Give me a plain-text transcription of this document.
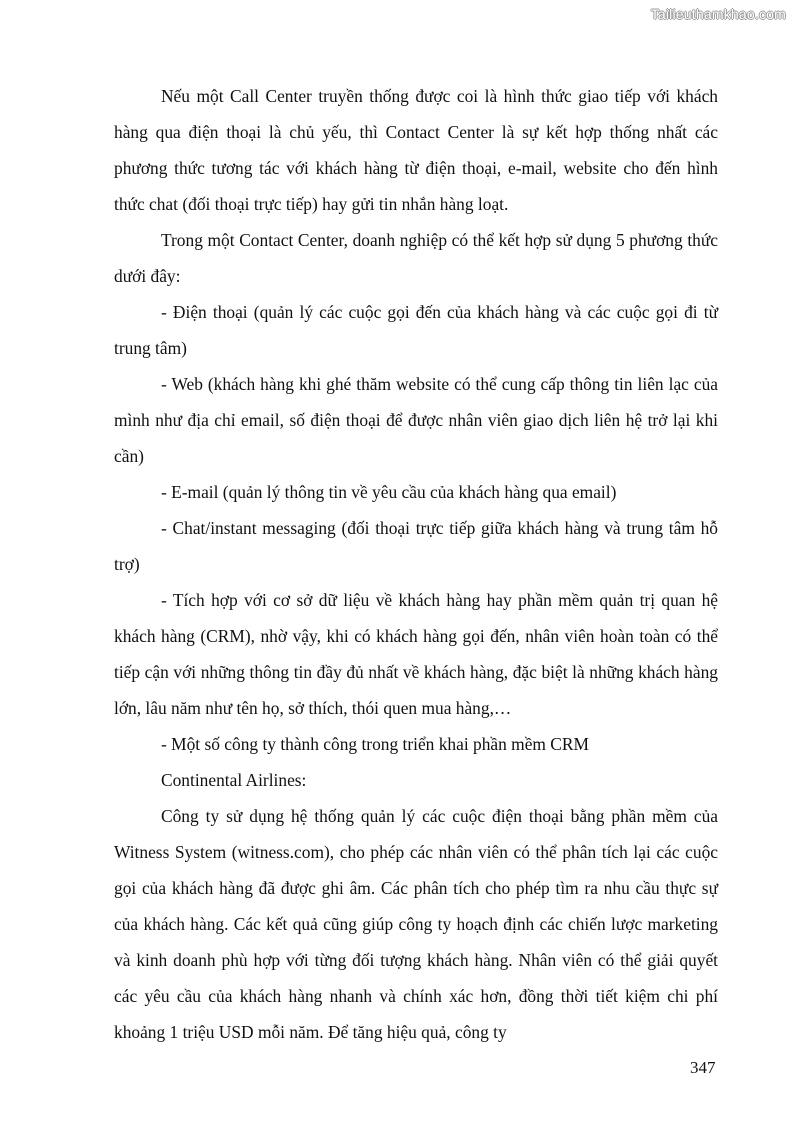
Tailieuthamkhao.com

Nếu một Call Center truyền thống được coi là hình thức giao tiếp với khách hàng qua điện thoại là chủ yếu, thì Contact Center là sự kết hợp thống nhất các phương thức tương tác với khách hàng từ điện thoại, e-mail, website cho đến hình thức chat (đối thoại trực tiếp) hay gửi tin nhắn hàng loạt.

Trong một Contact Center, doanh nghiệp có thể kết hợp sử dụng 5 phương thức dưới đây:

- Điện thoại (quản lý các cuộc gọi đến của khách hàng và các cuộc gọi đi từ trung tâm)

- Web (khách hàng khi ghé thăm website có thể cung cấp thông tin liên lạc của mình như địa chỉ email, số điện thoại để được nhân viên giao dịch liên hệ trở lại khi cần)

- E-mail (quản lý thông tin về yêu cầu của khách hàng qua email)

- Chat/instant messaging (đối thoại trực tiếp giữa khách hàng và trung tâm hỗ trợ)

- Tích hợp với cơ sở dữ liệu về khách hàng hay phần mềm quản trị quan hệ khách hàng (CRM), nhờ vậy, khi có khách hàng gọi đến, nhân viên hoàn toàn có thể tiếp cận với những thông tin đầy đủ nhất về khách hàng, đặc biệt là những khách hàng lớn, lâu năm như tên họ, sở thích, thói quen mua hàng,…

- Một số công ty thành công trong triển khai phần mềm CRM

Continental Airlines:

Công ty sử dụng hệ thống quản lý các cuộc điện thoại bằng phần mềm của Witness System (witness.com), cho phép các nhân viên có thể phân tích lại các cuộc gọi của khách hàng đã được ghi âm. Các phân tích cho phép tìm ra nhu cầu thực sự của khách hàng. Các kết quả cũng giúp công ty hoạch định các chiến lược marketing và kinh doanh phù hợp với từng đối tượng khách hàng. Nhân viên có thể giải quyết các yêu cầu của khách hàng nhanh và chính xác hơn, đồng thời tiết kiệm chi phí khoảng 1 triệu USD mỗi năm. Để tăng hiệu quả, công ty

347
